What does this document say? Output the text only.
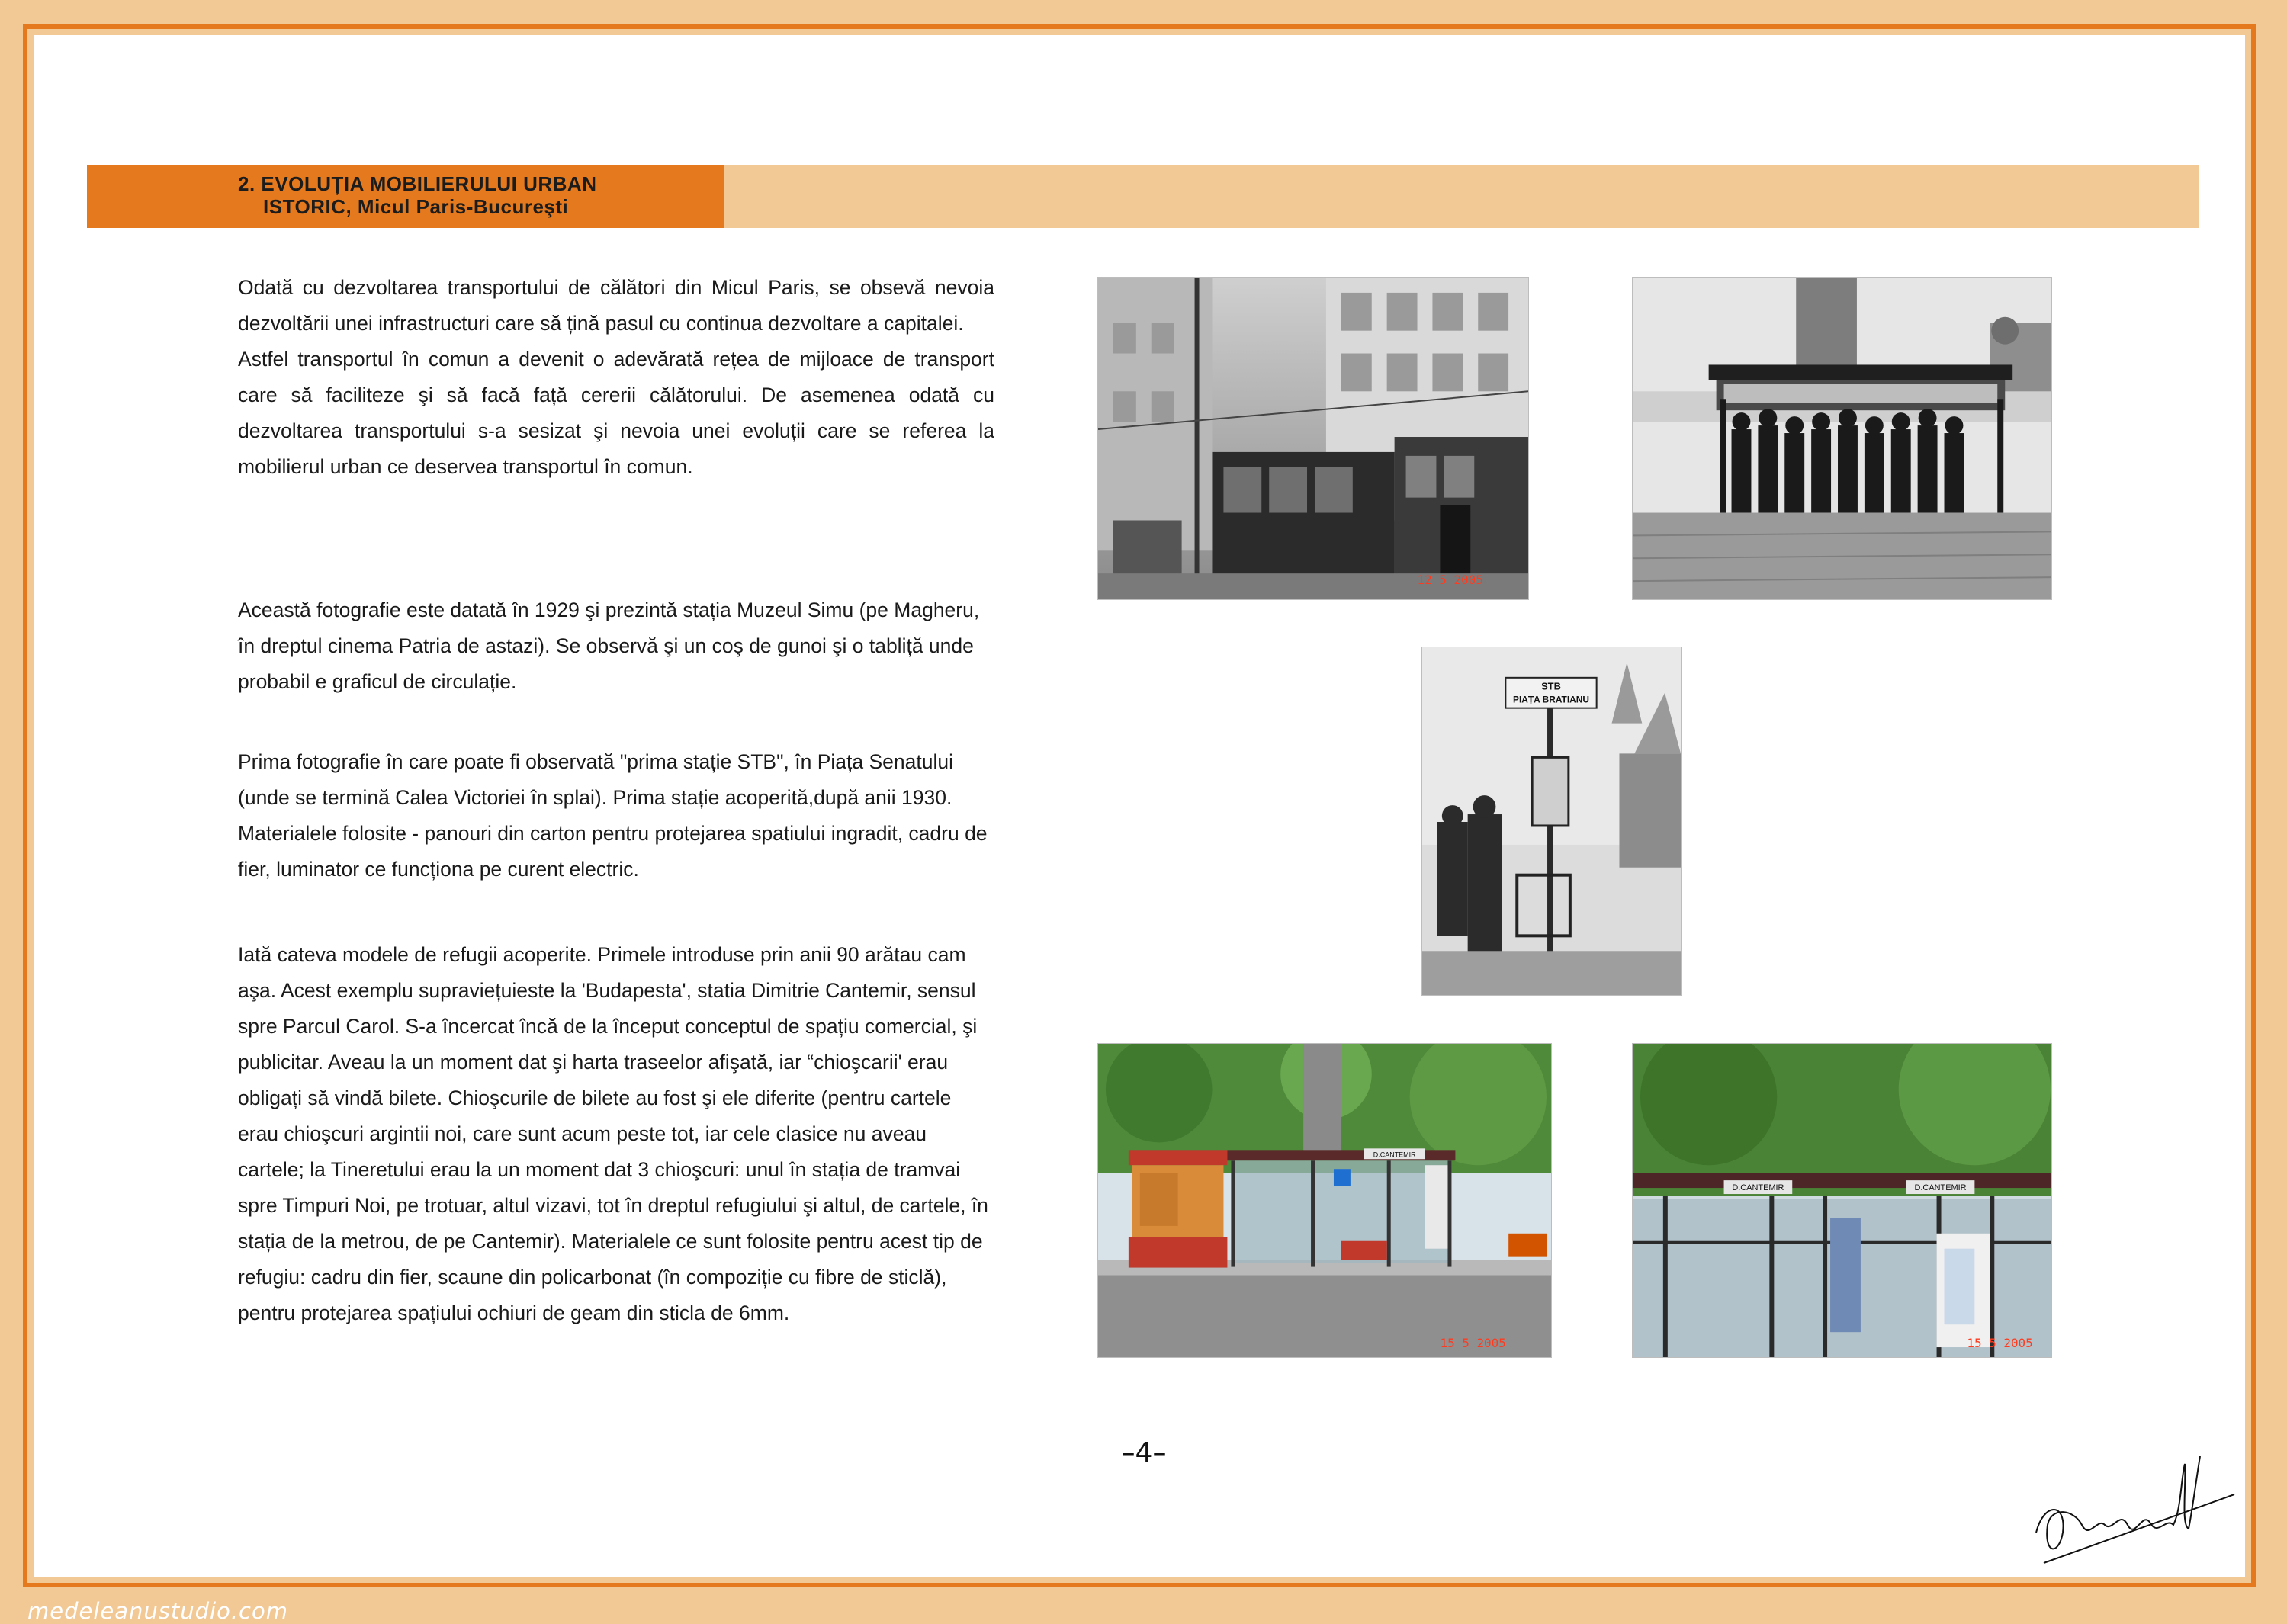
2. EVOLUȚIA MOBILIERULUI URBAN
ISTORIC, Micul Paris-Bucureşti

Odată cu dezvoltarea transportului de călători din Micul Paris, se obsevă nevoia dezvoltării unei infrastructuri care să țină pasul cu continua dezvoltare a capitalei.
Astfel transportul în comun a devenit o adevărată rețea de mijloace de transport care să faciliteze şi să facă față cererii călătorului. De asemenea odată cu dezvoltarea transportului s-a sesizat şi nevoia unei evoluții care se referea la mobilierul urban ce deservea transportul în comun.

Această fotografie este datată în 1929 şi prezintă stația Muzeul Simu (pe Magheru, în dreptul cinema Patria de astazi). Se observă şi un coş de gunoi şi o tabliță unde probabil e graficul de circulație.

Prima fotografie în care poate fi observată "prima stație STB", în Piața Senatului (unde se termină Calea Victoriei în splai). Prima stație acoperită,după anii 1930. Materialele folosite - panouri din carton pentru protejarea spatiului ingradit, cadru de fier, luminator ce funcționa pe curent electric.

Iată cateva modele de refugii acoperite. Primele introduse prin anii 90 arătau cam aşa. Acest exemplu supraviețuieste la 'Budapesta', statia Dimitrie Cantemir, sensul spre Parcul Carol. S-a încercat încă de la început conceptul de spațiu comercial, şi publicitar. Aveau la un moment dat şi harta traseelor afişată, iar “chioşcarii' erau obligați să vindă bilete. Chioşcurile de bilete au fost şi ele diferite (pentru cartele erau chioşcuri argintii noi, care sunt acum peste tot, iar cele clasice nu aveau cartele; la Tineretului erau la un moment dat 3 chioşcuri: unul în stația de tramvai spre Timpuri Noi, pe trotuar, altul vizavi, tot în dreptul refugiului şi altul, de cartele, în stația de la metrou, de pe Cantemir). Materialele ce sunt folosite pentru acest tip de refugiu: cadru din fier, scaune din policarbonat (în compoziție cu fibre de sticlă), pentru protejarea spațiului ochiuri de geam din sticla de 6mm.

12 5 2005
STB
PIAȚA BRATIANU
D.CANTEMIR
15 5 2005
D.CANTEMIR	D.CANTEMIR
15 5 2005
–4–
medeleanustudio.com
